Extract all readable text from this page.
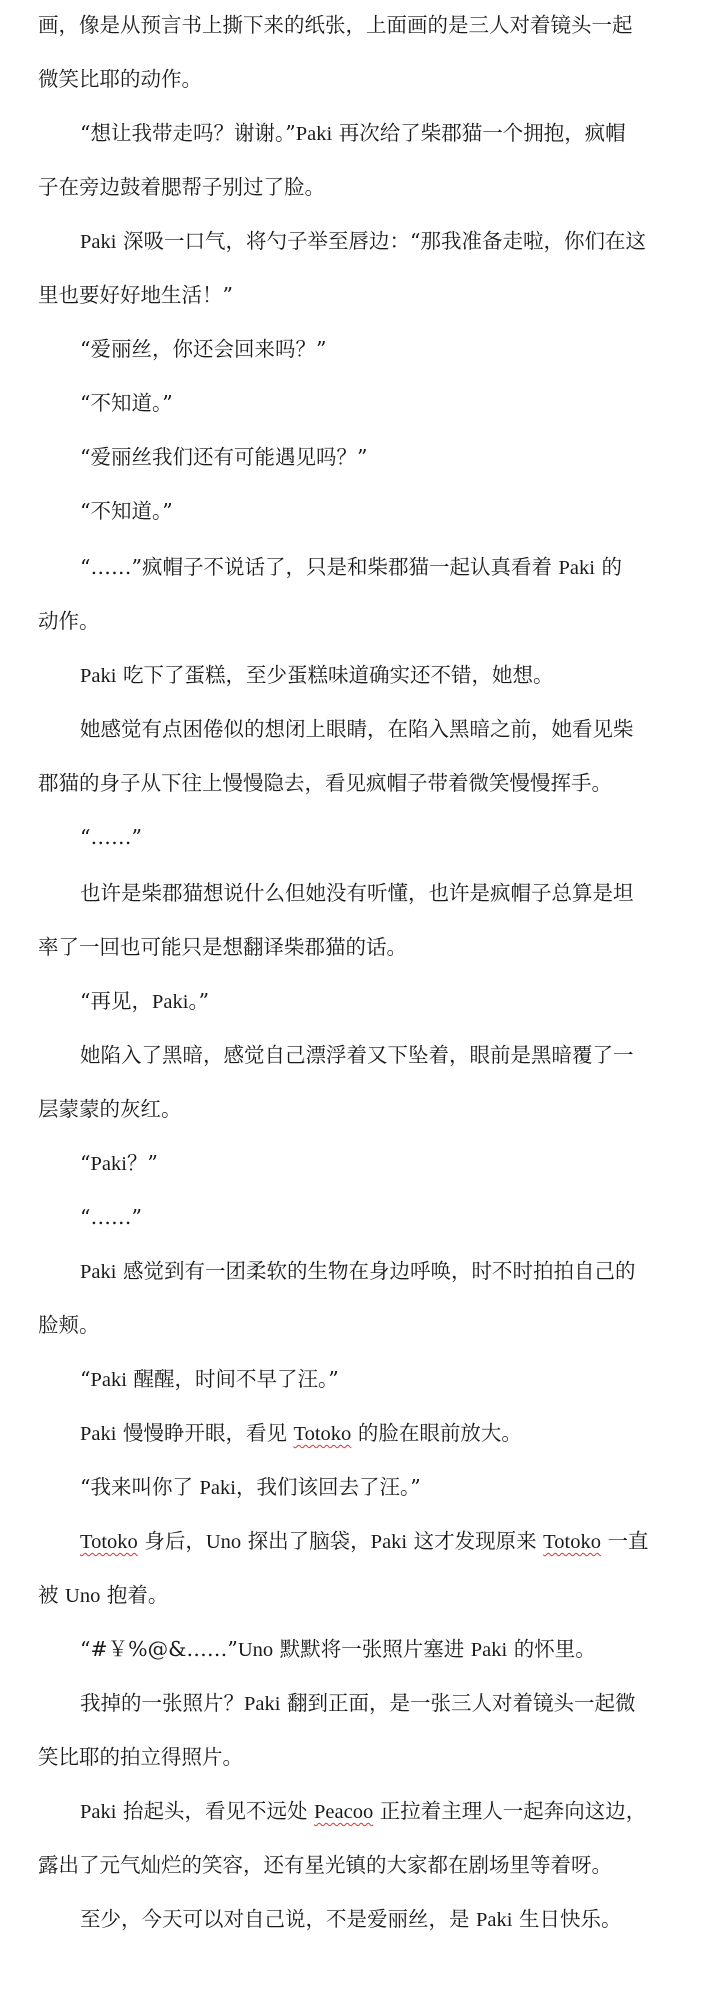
画，像是从预言书上撕下来的纸张，上面画的是三人对着镜头一起
微笑比耶的动作。
“想让我带走吗？谢谢。”Paki 再次给了柴郡猫一个拥抱，疯帽
子在旁边鼓着腮帮子别过了脸。
Paki 深吸一口气，将勺子举至唇边：“那我准备走啦，你们在这
里也要好好地生活！”
“爱丽丝，你还会回来吗？”
“不知道。”
“爱丽丝我们还有可能遇见吗？”
“不知道。”
“……”疯帽子不说话了，只是和柴郡猫一起认真看着 Paki 的
动作。
Paki 吃下了蛋糕，至少蛋糕味道确实还不错，她想。
她感觉有点困倦似的想闭上眼睛，在陷入黑暗之前，她看见柴
郡猫的身子从下往上慢慢隐去，看见疯帽子带着微笑慢慢挥手。
“……”
也许是柴郡猫想说什么但她没有听懂，也许是疯帽子总算是坦
率了一回也可能只是想翻译柴郡猫的话。
“再见，Paki。”
她陷入了黑暗，感觉自己漂浮着又下坠着，眼前是黑暗覆了一
层蒙蒙的灰红。
“Paki？”
“……”
Paki 感觉到有一团柔软的生物在身边呼唤，时不时拍拍自己的
脸颊。
“Paki 醒醒，时间不早了汪。”
Paki 慢慢睁开眼，看见 Totoko 的脸在眼前放大。
“我来叫你了 Paki，我们该回去了汪。”
Totoko 身后，Uno 探出了脑袋，Paki 这才发现原来 Totoko 一直
被 Uno 抱着。
“#￥%@&……”Uno 默默将一张照片塞进 Paki 的怀里。
我掉的一张照片？Paki 翻到正面，是一张三人对着镜头一起微
笑比耶的拍立得照片。
Paki 抬起头，看见不远处 Peacoo 正拉着主理人一起奔向这边，
露出了元气灿烂的笑容，还有星光镇的大家都在剧场里等着呀。
至少，今天可以对自己说，不是爱丽丝，是 Paki 生日快乐。
